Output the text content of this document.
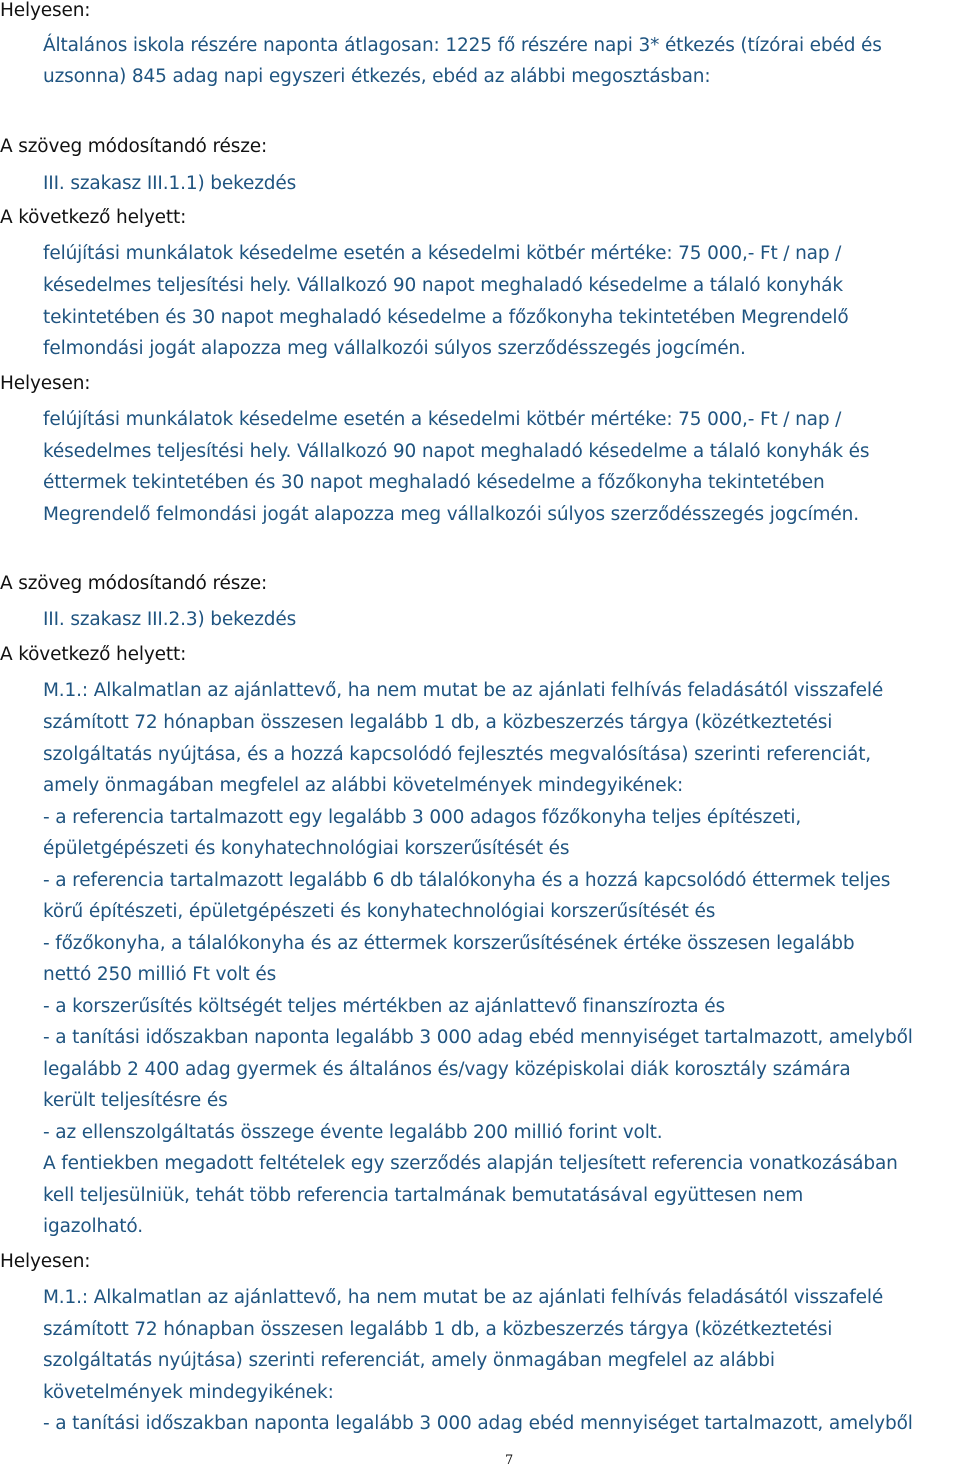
Helyesen:
Általános iskola részére naponta átlagosan: 1225 fő részére napi 3* étkezés (tízórai ebéd és
uzsonna) 845 adag napi egyszeri étkezés, ebéd az alábbi megosztásban:
A szöveg módosítandó része:
III. szakasz III.1.1) bekezdés
A következő helyett:
felújítási munkálatok késedelme esetén a késedelmi kötbér mértéke: 75 000,- Ft / nap /
késedelmes teljesítési hely. Vállalkozó 90 napot meghaladó késedelme a tálaló konyhák
tekintetében és 30 napot meghaladó késedelme a főzőkonyha tekintetében Megrendelő
felmondási jogát alapozza meg vállalkozói súlyos szerződésszegés jogcímén.
Helyesen:
felújítási munkálatok késedelme esetén a késedelmi kötbér mértéke: 75 000,- Ft / nap /
késedelmes teljesítési hely. Vállalkozó 90 napot meghaladó késedelme a tálaló konyhák és
éttermek tekintetében és 30 napot meghaladó késedelme a főzőkonyha tekintetében
Megrendelő felmondási jogát alapozza meg vállalkozói súlyos szerződésszegés jogcímén.
A szöveg módosítandó része:
III. szakasz III.2.3) bekezdés
A következő helyett:
M.1.: Alkalmatlan az ajánlattevő, ha nem mutat be az ajánlati felhívás feladásától visszafelé
számított 72 hónapban összesen legalább 1 db, a közbeszerzés tárgya (közétkeztetési
szolgáltatás nyújtása, és a hozzá kapcsolódó fejlesztés megvalósítása) szerinti referenciát,
amely önmagában megfelel az alábbi követelmények mindegyikének:
- a referencia tartalmazott egy legalább 3 000 adagos főzőkonyha teljes építészeti,
épületgépészeti és konyhatechnológiai korszerűsítését és
- a referencia tartalmazott legalább 6 db tálalókonyha és a hozzá kapcsolódó éttermek teljes
körű építészeti, épületgépészeti és konyhatechnológiai korszerűsítését és
- főzőkonyha, a tálalókonyha és az éttermek korszerűsítésének értéke összesen legalább
nettó 250 millió Ft volt és
- a korszerűsítés költségét teljes mértékben az ajánlattevő finanszírozta és
- a tanítási időszakban naponta legalább 3 000 adag ebéd mennyiséget tartalmazott, amelyből
legalább 2 400 adag gyermek és általános és/vagy középiskolai diák korosztály számára
került teljesítésre és
- az ellenszolgáltatás összege évente legalább 200 millió forint volt.
A fentiekben megadott feltételek egy szerződés alapján teljesített referencia vonatkozásában
kell teljesülniük, tehát több referencia tartalmának bemutatásával együttesen nem
igazolható.
Helyesen:
M.1.: Alkalmatlan az ajánlattevő, ha nem mutat be az ajánlati felhívás feladásától visszafelé
számított 72 hónapban összesen legalább 1 db, a közbeszerzés tárgya (közétkeztetési
szolgáltatás nyújtása) szerinti referenciát, amely önmagában megfelel az alábbi
követelmények mindegyikének:
- a tanítási időszakban naponta legalább 3 000 adag ebéd mennyiséget tartalmazott, amelyből
7
